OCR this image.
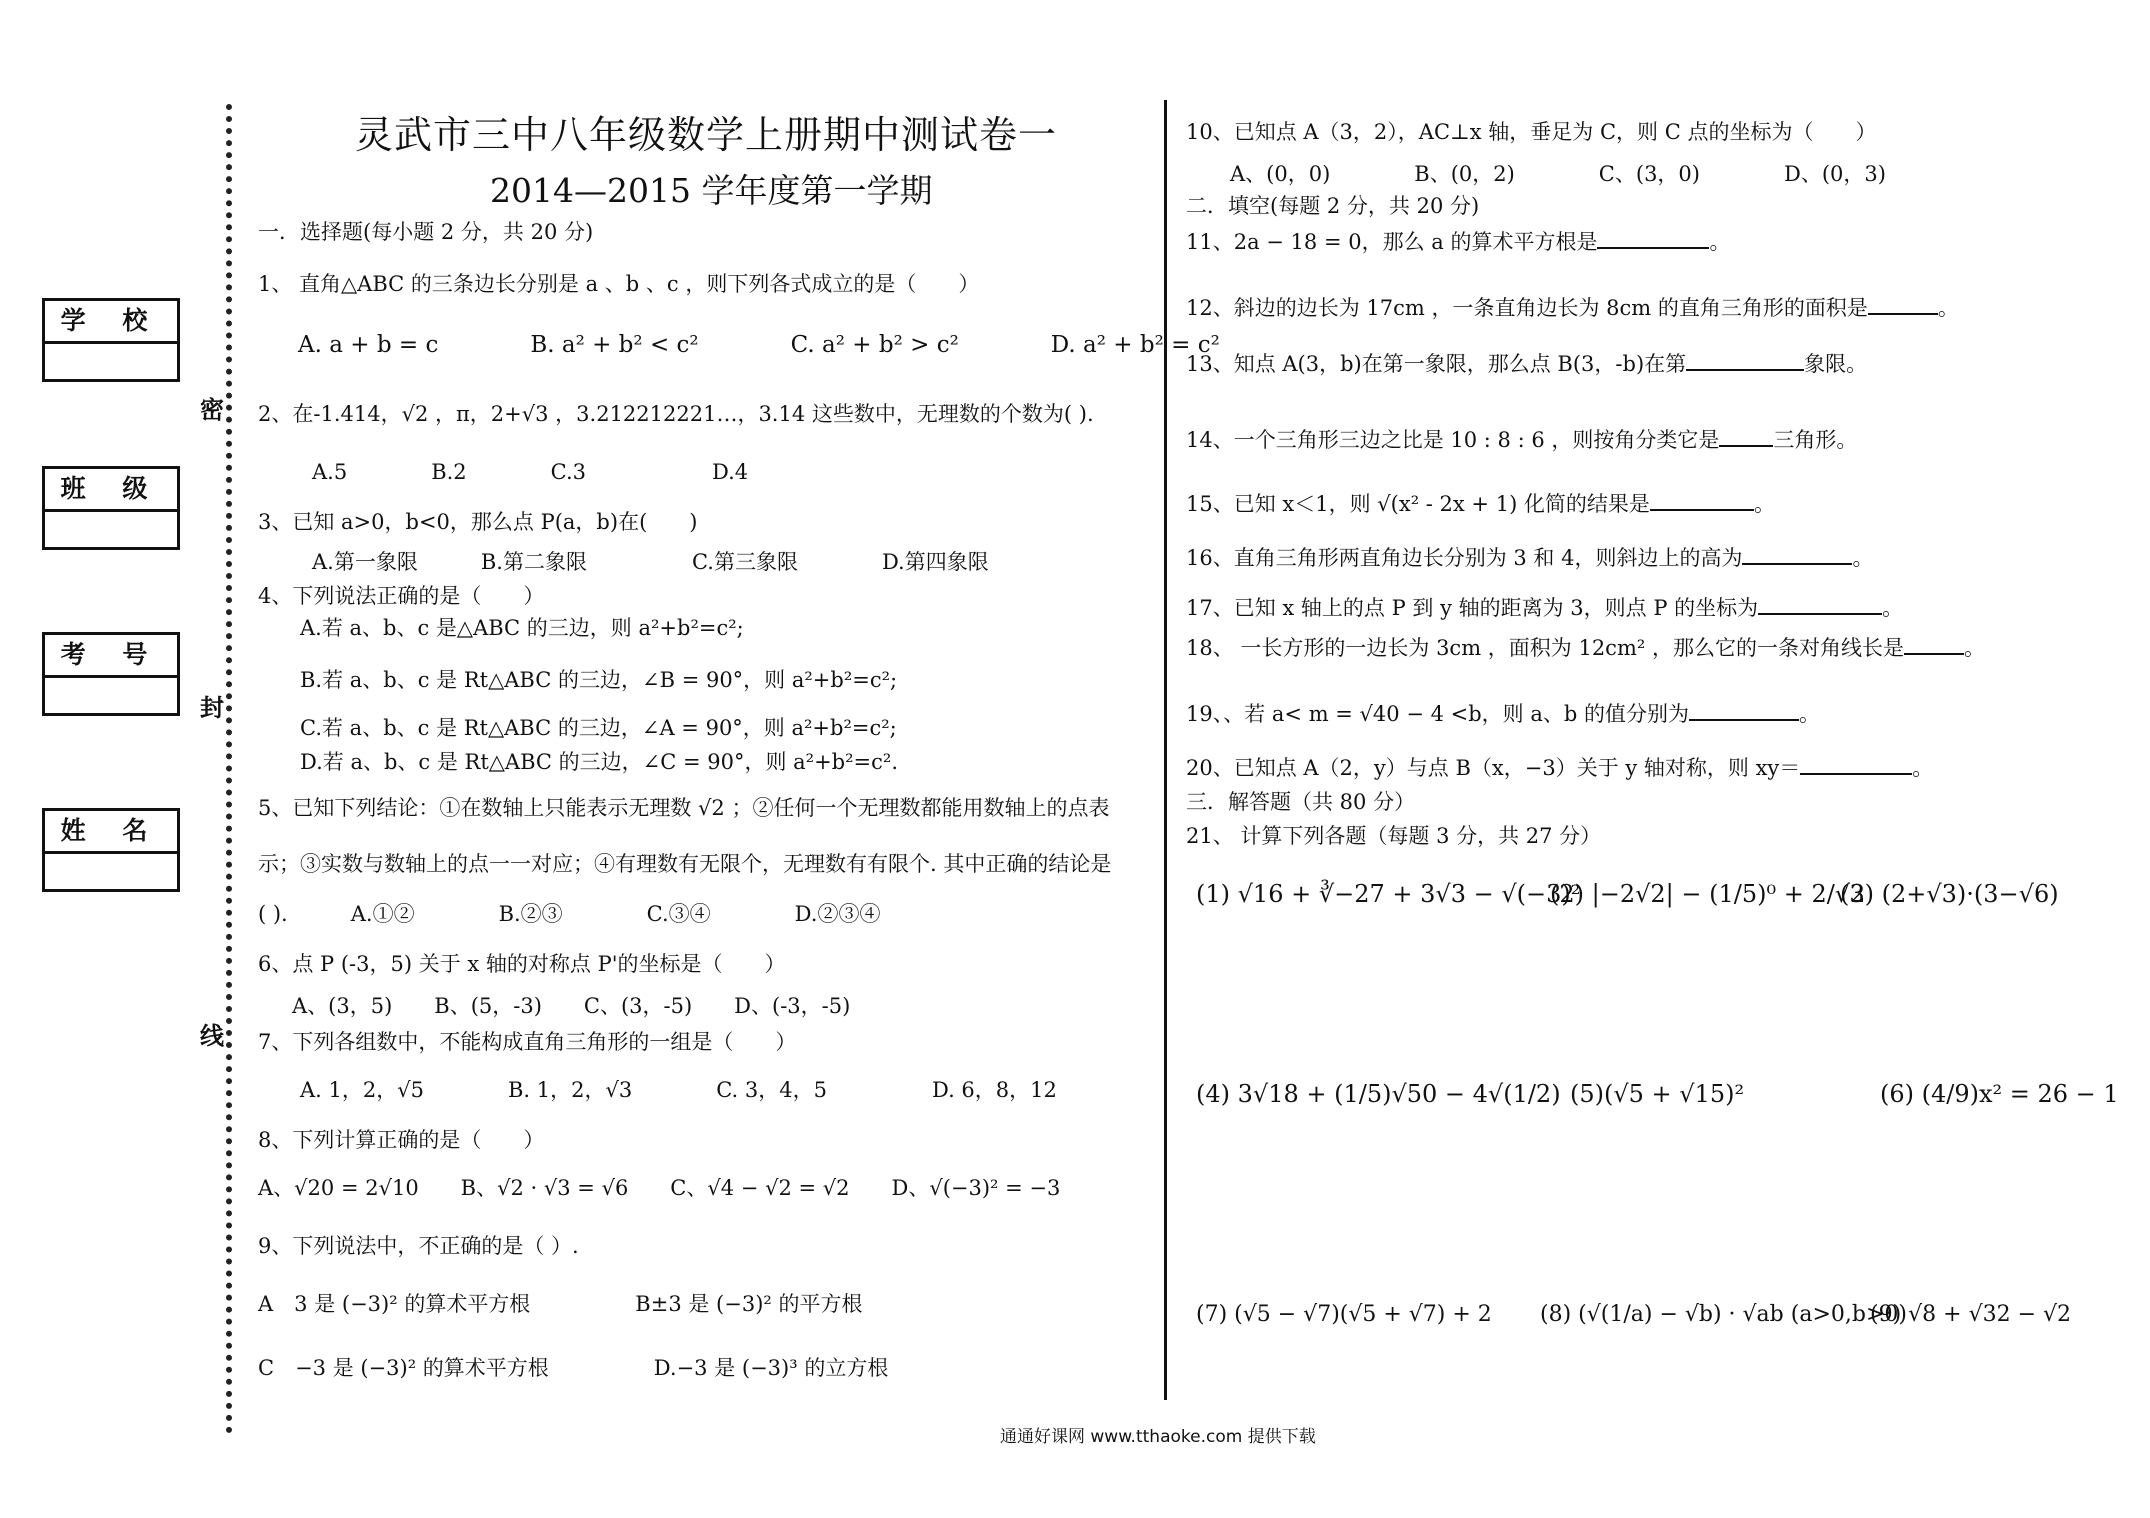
学 校
班 级
考 号
姓 名
密
封
线
灵武市三中八年级数学上册期中测试卷一
2014—2015 学年度第一学期
一．选择题(每小题 2 分，共 20 分)
1、 直角△ABC 的三条边长分别是 a 、b 、c ，则下列各式成立的是（　　）
A. a + b = c　　　　B. a² + b² < c²　　　　C. a² + b² > c²　　　　D. a² + b² = c²
2、在-1.414，√2 ，π，2+√3 ，3.212212221…，3.14 这些数中，无理数的个数为( ).
A.5　　　　B.2　　　　C.3　　　　　　D.4
3、已知 a>0，b<0，那么点 P(a，b)在(　　)
A.第一象限　　　B.第二象限　　　　　C.第三象限　　　　D.第四象限
4、下列说法正确的是（　　）
A.若 a、b、c 是△ABC 的三边，则 a²+b²=c²;
B.若 a、b、c 是 Rt△ABC 的三边，∠B = 90°，则 a²+b²=c²;
C.若 a、b、c 是 Rt△ABC 的三边，∠A = 90°，则 a²+b²=c²;
D.若 a、b、c 是 Rt△ABC 的三边，∠C = 90°，则 a²+b²=c².
5、已知下列结论：①在数轴上只能表示无理数 √2 ；②任何一个无理数都能用数轴上的点表
示；③实数与数轴上的点一一对应；④有理数有无限个，无理数有有限个. 其中正确的结论是
( ).　　　A.①②　　　　B.②③　　　　C.③④　　　　D.②③④
6、点 P (-3，5) 关于 x 轴的对称点 P'的坐标是（　　）
A、(3，5)　　B、(5，-3)　　C、(3，-5)　　D、(-3，-5)
7、下列各组数中，不能构成直角三角形的一组是（　　）
A. 1，2，√5　　　　B. 1，2，√3　　　　C. 3，4，5　　　　　D. 6，8，12
8、下列计算正确的是（　　）
A、√20 = 2√10　　B、√2 · √3 = √6　　C、√4 − √2 = √2　　D、√(−3)² = −3
9、下列说法中，不正确的是（ ）.
A　3 是 (−3)² 的算术平方根　　　　　B±3 是 (−3)² 的平方根
C　−3 是 (−3)² 的算术平方根　　　　　D.−3 是 (−3)³ 的立方根
10、已知点 A（3，2），AC⊥x 轴，垂足为 C，则 C 点的坐标为（　　）
A、(0，0)　　　　B、(0，2)　　　　C、(3，0)　　　　D、(0，3)
二．填空(每题 2 分，共 20 分)
11、2a − 18 = 0，那么 a 的算术平方根是	。
12、斜边的边长为 17cm ，一条直角边长为 8cm 的直角三角形的面积是	。
13、知点 A(3，b)在第一象限，那么点 B(3，-b)在第	象限。
14、一个三角形三边之比是 10 : 8 : 6 ，则按角分类它是	三角形。
15、已知 x＜1，则 √(x² - 2x + 1) 化简的结果是	。
16、直角三角形两直角边长分别为 3 和 4，则斜边上的高为	。
17、已知 x 轴上的点 P 到 y 轴的距离为 3，则点 P 的坐标为	。
18、 一长方形的一边长为 3cm ，面积为 12cm² ，那么它的一条对角线长是	。
19、、若 a< m = √40 − 4 <b，则 a、b 的值分别为	。
20、已知点 A（2，y）与点 B（x，−3）关于 y 轴对称，则 xy＝	。
三．解答题（共 80 分）
21、 计算下列各题（每题 3 分，共 27 分）
(1) √16 + ∛−27 + 3√3 − √(−3)²
(2) |−2√2| − (1/5)⁰ + 2/√2
(3) (2+√3)·(3−√6)
(4) 3√18 + (1/5)√50 − 4√(1/2) (5)(√5 + √15)²	(6) (4/9)x² = 26 − 1
(7) (√5 − √7)(√5 + √7) + 2 (8) (√(1/a) − √b) · √ab (a>0,b>0)
(9) √8 + √32 − √2
通通好课网 www.tthaoke.com 提供下载
